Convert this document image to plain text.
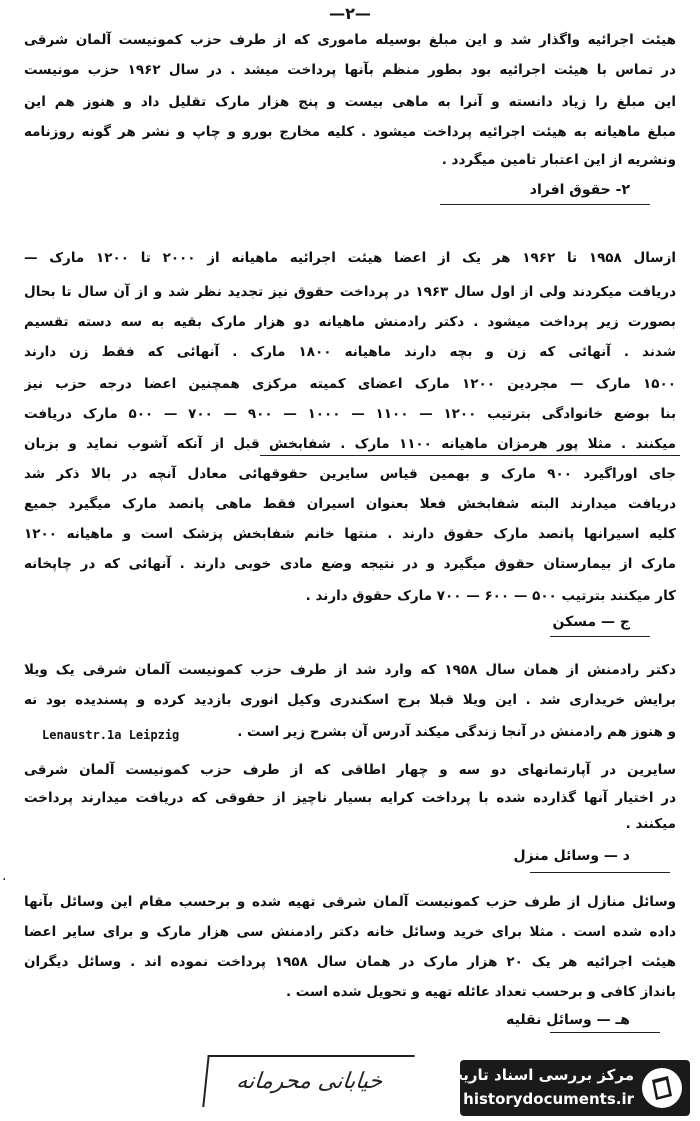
—٢—
هیئت اجرائیه واگذار شد و این مبلغ بوسیله ماموری که از طرف حزب کمونیست آلمان شرقی
در تماس با هیئت اجرائیه بود بطور منظم بآنها پرداخت میشد . در سال ۱۹۶۲ حزب مونیست
این مبلغ را زیاد دانسته و آنرا به ماهی بیست و پنج هزار مارک تقلیل داد و هنوز هم این
مبلغ ماهیانه به هیئت اجرائیه پرداخت میشود . کلیه مخارج بورو و چاپ و نشر هر گونه روزنامه
ونشریه از این اعتبار تامین میگردد .
۲- حقوق افراد
ازسال ۱۹۵۸ تا ۱۹۶۲ هر یک از اعضا هیئت اجرائیه ماهیانه از ۲۰۰۰ تا ۱۲۰۰ مارک —
دریافت میکردند ولی از اول سال ۱۹۶۳ در پرداخت حقوق نیز تجدید نظر شد و از آن سال تا بحال
بصورت زیر پرداخت میشود . دکتر رادمنش ماهیانه دو هزار مارک بقیه به سه دسته تقسیم
شدند . آنهائی که زن و بچه دارند ماهیانه ۱۸۰۰ مارک . آنهائی که فقط زن دارند
۱۵۰۰ مارک — مجردین ۱۲۰۰ مارک اعضای کمیته مرکزی همچنین اعضا درجه حزب نیز
بنا بوضع خانوادگی بترتیب ۱۲۰۰ — ۱۱۰۰ — ۱۰۰۰ — ۹۰۰ — ۷۰۰ — ۵۰۰ مارک دریافت
میکنند . مثلا پور هرمزان ماهیانه ۱۱۰۰ مارک . شفابخش قبل از آنکه آشوب نماید و بزبان
جای اوراگیرد ۹۰۰ مارک و بهمین قیاس سایرین حقوقهائی معادل آنچه در بالا ذکر شد
دریافت میدارند البته شفابخش فعلا بعنوان اسیران فقط ماهی پانصد مارک میگیرد جمیع
کلیه اسیرانها پانصد مارک حقوق دارند . منتها خانم شفابخش پزشک است و ماهیانه ۱۲۰۰
مارک از بیمارستان حقوق میگیرد و در نتیجه وضع مادی خوبی دارند . آنهائی که در چاپخانه
کار میکنند بترتیب ۵۰۰ — ۶۰۰ — ۷۰۰ مارک حقوق دارند .
ج — مسکن
دکتر رادمنش از همان سال ۱۹۵۸ که وارد شد از طرف حزب کمونیست آلمان شرقی یک ویلا
برایش خریداری شد . این ویلا قبلا برج اسکندری وکیل انوری بازدید کرده و پسندیده بود نه
و هنوز هم رادمنش در آنجا زندگی میکند آدرس آن بشرح زیر است .
Lenaustr.1a Leipzig
سایرین در آپارتمانهای دو سه و چهار اطاقی که از طرف حزب کمونیست آلمان شرقی
در اختیار آنها گذارده شده با پرداخت کرایه بسیار ناچیز از حقوقی که دریافت میدارند پرداخت
میکنند .
د — وسائل منزل
·
وسائل منازل از طرف حزب کمونیست آلمان شرقی تهیه شده و برحسب مقام این وسائل بآنها
داده شده است . مثلا برای خرید وسائل خانه دکتر رادمنش سی هزار مارک و برای سایر اعضا
هیئت اجرائیه هر یک ۲۰ هزار مارک در همان سال ۱۹۵۸ پرداخت نموده اند . وسائل دیگران
بانداز کافی و برحسب تعداد عائله تهیه و تحویل شده است .
هـ — وسائل نقلیه
خیابانی محرمانه	مرکز بررسی اسناد تاریخی
historydocuments.ir
